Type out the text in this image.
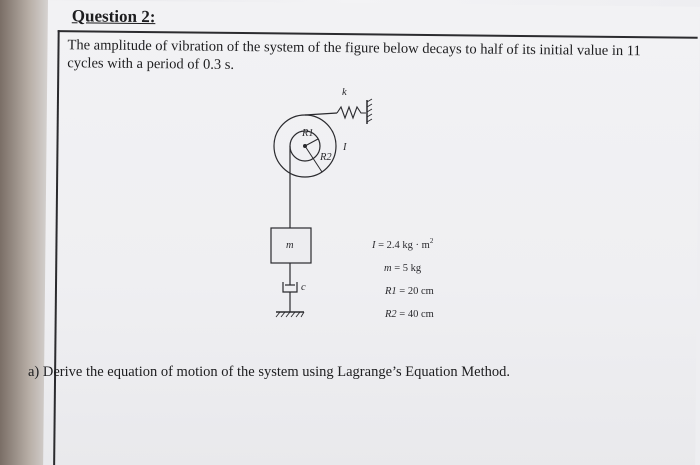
Question 2:
The amplitude of vibration of the system of the figure below decays to half of its initial value in 11 cycles with a period of 0.3 s.
k
I
R1
R2
m
c
I = 2.4 kg · $m^2$
m = 5 kg
R1 = 20 cm
R2 = 40 cm
a) Derive the equation of motion of the system using Lagrange’s Equation Method.
